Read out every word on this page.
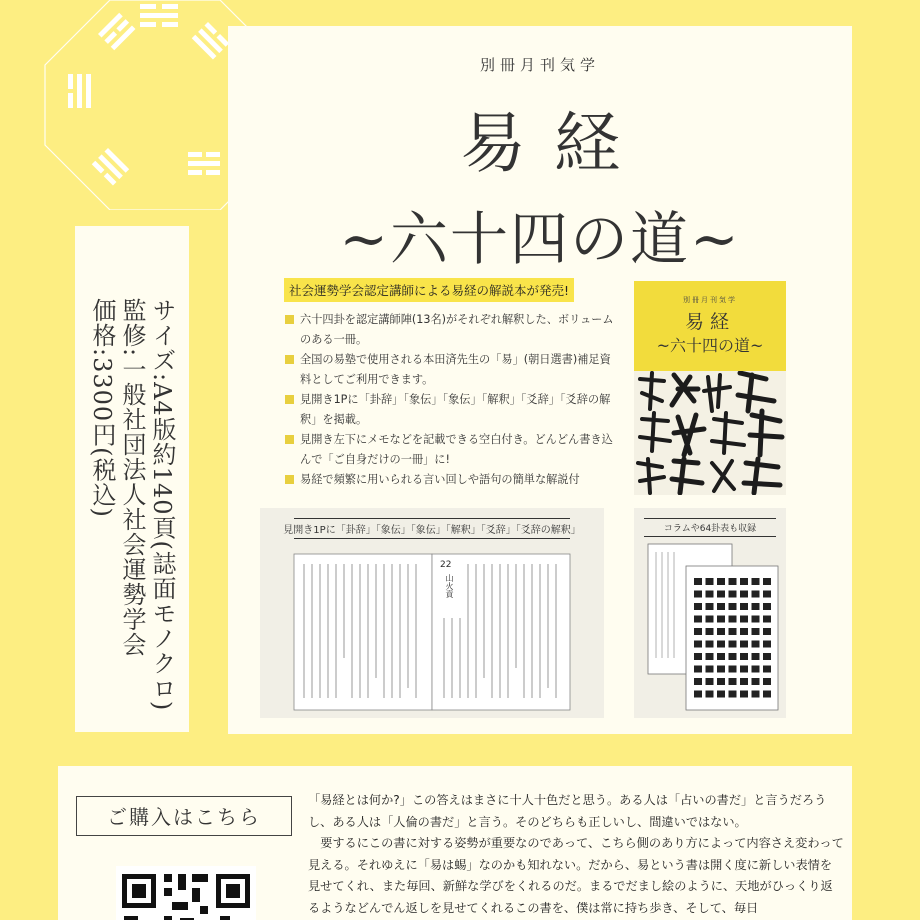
サイズ:A4版約140頁(誌面モノクロ)
監修:一般社団法人社会運勢学会
価格:3300円(税込)
別冊月刊気学
易経
~六十四の道~
社会運勢学会認定講師による易経の解説本が発売!
六十四卦を認定講師陣(13名)がそれぞれ解釈した、ボリュームのある一冊。
全国の易塾で使用される本田済先生の「易」(朝日選書)補足資料としてご利用できます。
見開き1Pに「卦辞」「象伝」「象伝」「解釈」「爻辞」「爻辞の解釈」を掲載。
見開き左下にメモなどを記載できる空白付き。どんどん書き込んで「ご自身だけの一冊」に!
易経で頻繁に用いられる言い回しや語句の簡単な解説付
別冊月刊気学
易経
~六十四の道~
見開き1Pに「卦辞」「象伝」「象伝」「解釈」「爻辞」「爻辞の解釈」
22
山火賁
コラムや64卦表も収録
ご購入はこちら

「易経とは何か?」この答えはまさに十人十色だと思う。ある人は「占いの書だ」と言うだろうし、ある人は「人倫の書だ」と言う。そのどちらも正しいし、間違いではない。

要するにこの書に対する姿勢が重要なのであって、こちら側のあり方によって内容さえ変わって見える。それゆえに「易は蜴」なのかも知れない。だから、易という書は開く度に新しい表情を見せてくれ、また毎回、新鮮な学びをくれるのだ。まるでだまし絵のように、天地がひっくり返るようなどんでん返しを見せてくれるこの書を、僕は常に持ち歩き、そして、毎日
